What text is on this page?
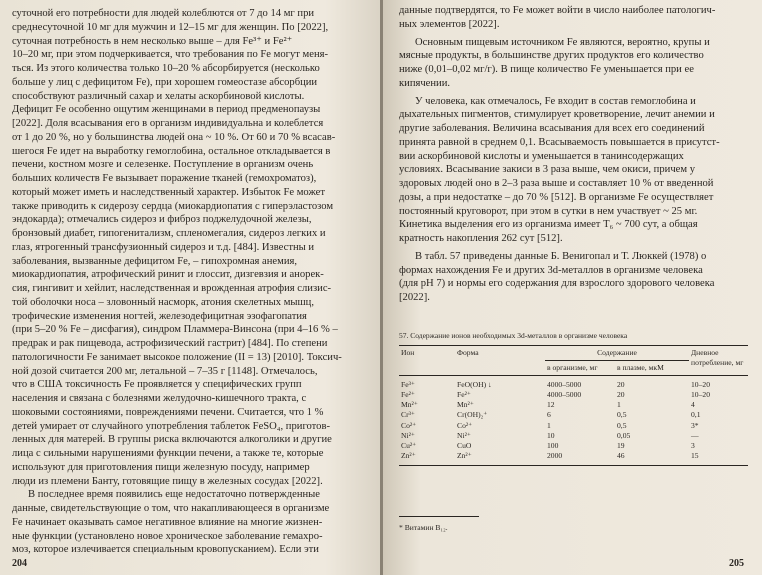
суточной его потребности для людей колеблются от 7 до 14 мг при

среднесуточной 10 мг для мужчин и 12–15 мг для женщин. По [2022],

суточная потребность в нем несколько выше – для Fe³⁺ и Fe²⁺

10–20 мг, при этом подчеркивается, что требования по Fe могут меня-

ться. Из этого количества только 10–20 % абсорбируется (несколько

больше у лиц с дефицитом Fe), при хорошем гомеостазе абсорбции

способствуют различный сахар и хелаты аскорбиновой кислоты.

Дефицит Fe особенно ощутим женщинами в период предменопаузы

[2022]. Доля всасывания его в организм индивидуальна и колеблется

от 1 до 20 %, но у большинства людей она ~ 10 %. От 60 и 70 % всасав-

шегося Fe идет на выработку гемоглобина, остальное откладывается в

печени, костном мозге и селезенке. Поступление в организм очень

больших количеств Fe вызывает поражение тканей (гемохроматоз),

который может иметь и наследственный характер. Избыток Fe может

также приводить к сидерозу сердца (миокардиопатия с гиперэластозом

эндокарда); отмечались сидероз и фиброз поджелудочной железы,

бронзовый диабет, гипогенитализм, спленомегалия, сидероз легких и

глаз, ятрогенный трансфузионный сидероз и т.д. [484]. Известны и

заболевания, вызванные дефицитом Fe, – гипохромная анемия,

миокардиопатия, атрофический ринит и глоссит, дизгевзия и анорек-

сия, гингивит и хейлит, наследственная и врожденная атрофия слизис-

той оболочки носа – зловонный насморк, атония скелетных мышц,

трофические изменения ногтей, железодефицитная эзофагопатия

(при 5–20 % Fe – дисфагия), синдром Пламмера-Винсона (при 4–16 % –

предрак и рак пищевода, астрофизический гастрит) [484]. По степени

патологичности Fe занимает высокое положение (II = 13) [2010]. Токсич-

ной дозой считается 200 мг, летальной – 7–35 г [1148]. Отмечалось,

что в США токсичность Fe проявляется у специфических групп

населения и связана с болезнями желудочно-кишечного тракта, с

шоковыми состояниями, повреждениями печени. Считается, что 1 %

детей умирает от случайного употребления таблеток FeSO₄, приготов-

ленных для матерей. В группы риска включаются алкоголики и другие

лица с сильными нарушениями функции печени, а также те, которые

используют для приготовления пищи железную посуду, например

люди из племени Банту, готовящие пищу в железных сосудах [2022].

В последнее время появились еще недостаточно потвержденные

данные, свидетельствующие о том, что накапливающееся в организме

Fe начинает оказывать самое негативное влияние на многие жизнен-

ные функции (установлено новое хроническое заболевание гемахро-

моз, которое излечивается специальным кровопусканием). Если эти

204

данные подтвердятся, то Fe может войти в число наиболее патологич-

ных элементов [2022].

Основным пищевым источником Fe являются, вероятно, крупы и

мясные продукты, в большинстве других продуктов его количество

ниже (0,01–0,02 мг/г). В пище количество Fe уменьшается при ее

кипячении.

У человека, как отмечалось, Fe входит в состав гемоглобина и

дыхательных пигментов, стимулирует кроветворение, лечит анемии и

другие заболевания. Величина всасывания для всех его соединений

принята равной в среднем 0,1. Всасываемость повышается в присутст-

вии аскорбиновой кислоты и уменьшается в танинсодержащих

условиях. Всасывание закиси в 3 раза выше, чем окиси, причем у

здоровых людей оно в 2–3 раза выше и составляет 10 % от введенной

дозы, а при недостатке – до 70 % [512]. В организме Fe осуществляет

постоянный круговорот, при этом в сутки в нем участвует ~ 25 мг.

Кинетика выделения его из организма имеет T₆ ~ 700 сут, а общая

кратность накопления 262 сут [512].

В табл. 57 приведены данные Б. Венигопал и Т. Люккей (1978) о

формах нахождения Fe и других 3d-металлов в организме человека

(для pH 7) и нормы его содержания для взрослого здорового человека

[2022].

57. Содержание ионов необходимых 3d-металлов в организме человека
Ион	Форма	Содержание		Дневное потребление, мг
		в организме, мг	в плазме, мкМ	
Fe³⁺	FeO(OH) ↓	4000–5000	20	10–20
Fe²⁺	Fe²⁺	4000–5000	20	10–20
Mn²⁺	Mn²⁺	12	1	4
Cr³⁺	Cr(OH)₂⁺	6	0,5	0,1
Co²⁺	Co²⁺	1	0,5	3*
Ni²⁺	Ni²⁺	10	0,05	—
Cu²⁺	CuO	100	19	3
Zn²⁺	Zn²⁺	2000	46	15
* Витамин B₁₂.
205
